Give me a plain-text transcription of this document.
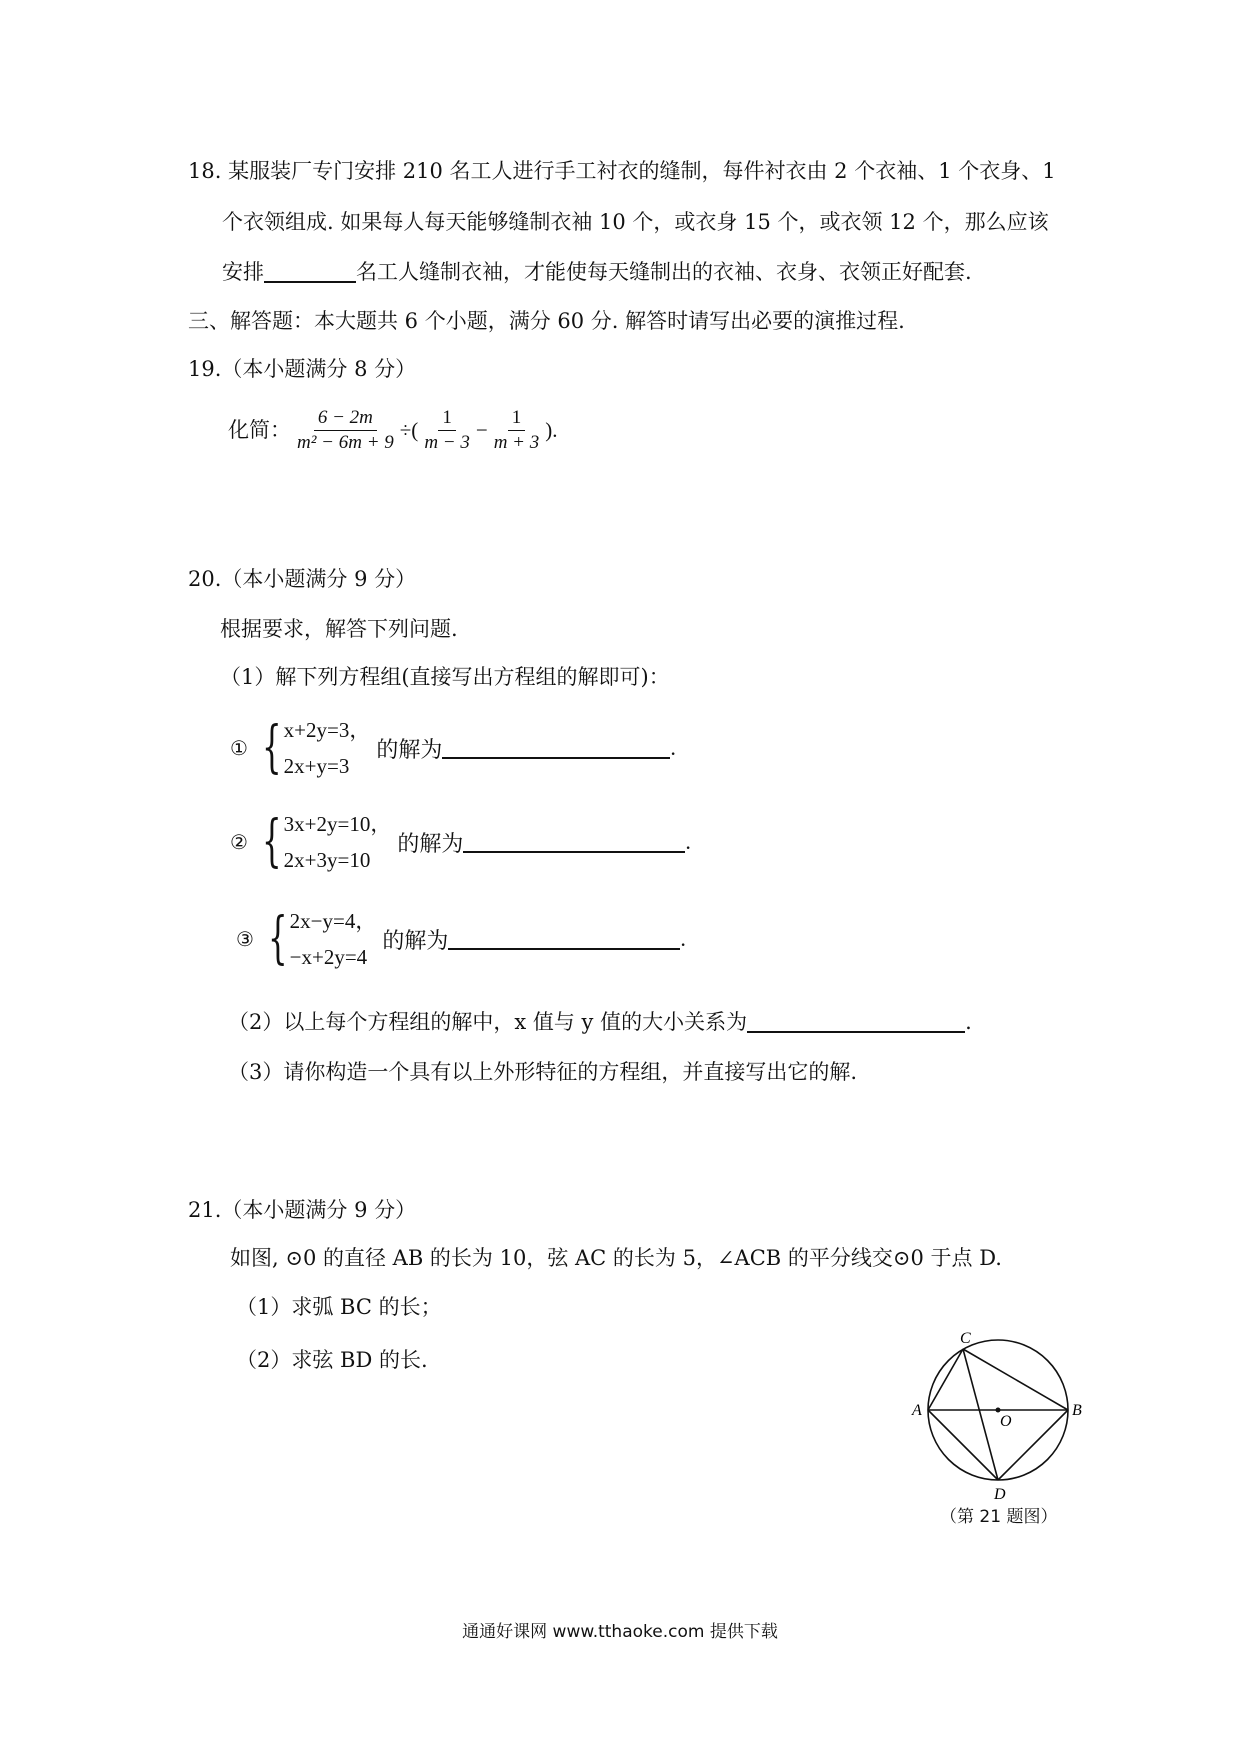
18. 某服装厂专门安排 210 名工人进行手工衬衣的缝制，每件衬衣由 2 个衣袖、1 个衣身、1
个衣领组成. 如果每人每天能够缝制衣袖 10 个，或衣身 15 个，或衣领 12 个，那么应该
安排	名工人缝制衣袖，才能使每天缝制出的衣袖、衣身、衣领正好配套.
三、解答题：本大题共 6 个小题，满分 60 分. 解答时请写出必要的演推过程.
19.（本小题满分 8 分）
化简： $\frac{6 - 2m}{\text{m² − 6m + 9}}$ ÷( $\frac{1}{m - 3} - \frac{1}{m + 3}$ ).
20.（本小题满分 9 分）
根据要求，解答下列问题.
（1）解下列方程组(直接写出方程组的解即可)：
① { x+2y=3，
2x+y=3
的解为	.
② { 3x+2y=10，
2x+3y=10
的解为	.
③ { 2x−y=4，
−x+2y=4
的解为	.
（2）以上每个方程组的解中，x 值与 y 值的大小关系为	.
（3）请你构造一个具有以上外形特征的方程组，并直接写出它的解.
21.（本小题满分 9 分）
如图, ⊙0 的直径 AB 的长为 10，弦 AC 的长为 5，∠ACB 的平分线交⊙0 于点 D.
（1）求弧 BC 的长；
（2）求弦 BD 的长.
C
A	B
D
O
（第 21 题图）
通通好课网 www.tthaoke.com 提供下载
